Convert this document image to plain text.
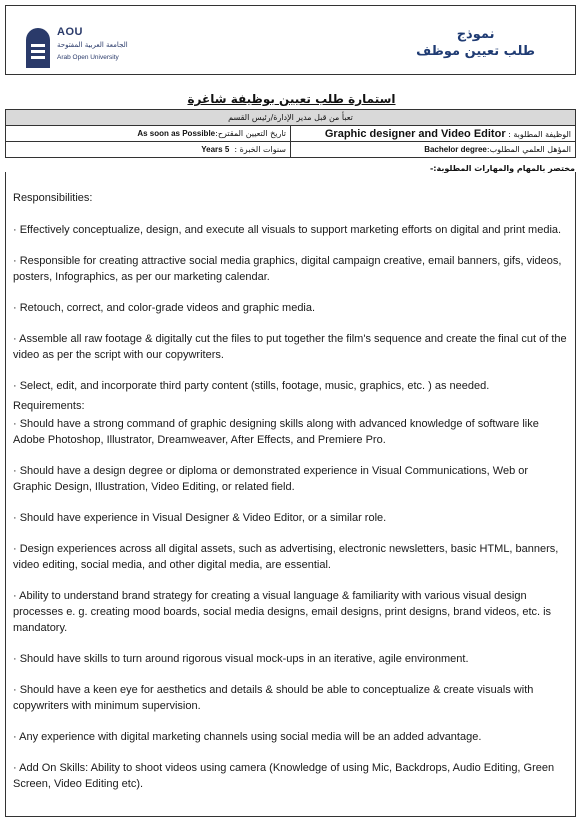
AOU
الجامعة العربية المفتوحة
Arab Open University
نموذج
طلب تعيين موظف
استمارة طلب تعيين بوظيفة شاغرة
تعبأ من قبل مدير الإدارة/رئيس القسم	
تاريخ التعيين المقترح:As soon as Possible	الوظيفة المطلوبة : Graphic designer and Video Editor
سنوات الخبرة :  Years 5	المؤهل العلمي المطلوب:Bachelor degree
مختصر بالمهام والمهارات المطلوبة:-

Responsibilities:

· Effectively conceptualize, design, and execute all visuals to support marketing efforts on digital and print media.

· Responsible for creating attractive social media graphics, digital campaign creative, email banners, gifs, videos, posters, Infographics, as per our marketing calendar.

· Retouch, correct, and color-grade videos and graphic media.

· Assemble all raw footage & digitally cut the files to put together the film's sequence and create the final cut of the video as per the script with our copywriters.

· Select, edit, and incorporate third party content (stills, footage, music, graphics, etc. ) as needed.

Requirements:

· Should have a strong command of graphic designing skills along with advanced knowledge of software like Adobe Photoshop, Illustrator, Dreamweaver, After Effects, and Premiere Pro.

· Should have a design degree or diploma or demonstrated experience in Visual Communications, Web or Graphic Design, Illustration, Video Editing, or related field.

· Should have experience in Visual Designer & Video Editor, or a similar role.

· Design experiences across all digital assets, such as advertising, electronic newsletters, basic HTML, banners, video editing, social media, and other digital media, are essential.

· Ability to understand brand strategy for creating a visual language & familiarity with various visual design processes e. g. creating mood boards, social media designs, email designs, print designs, brand videos, etc. is mandatory.

· Should have skills to turn around rigorous visual mock-ups in an iterative, agile environment.

· Should have a keen eye for aesthetics and details & should be able to conceptualize & create visuals with copywriters with minimum supervision.

· Any experience with digital marketing channels using social media will be an added advantage.

· Add On Skills: Ability to shoot videos using camera (Knowledge of using Mic, Backdrops, Audio Editing, Green Screen, Video Editing etc).
